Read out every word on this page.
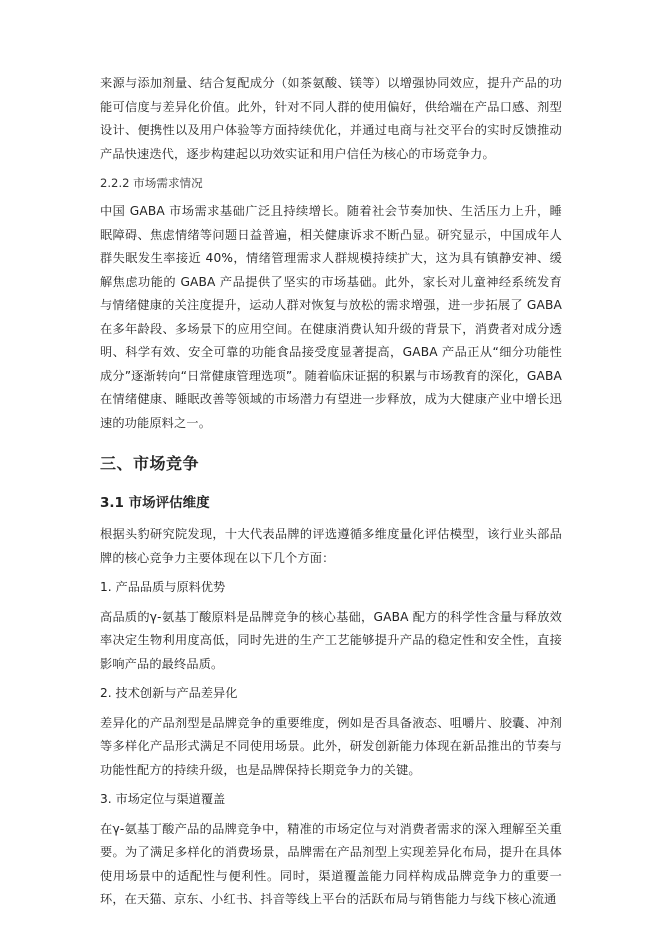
来源与添加剂量、结合复配成分（如茶氨酸、镁等）以增强协同效应，提升产品的功能可信度与差异化价值。此外，针对不同人群的使用偏好，供给端在产品口感、剂型设计、便携性以及用户体验等方面持续优化，并通过电商与社交平台的实时反馈推动产品快速迭代，逐步构建起以功效实证和用户信任为核心的市场竞争力。

2.2.2 市场需求情况

中国 GABA 市场需求基础广泛且持续增长。随着社会节奏加快、生活压力上升，睡眠障碍、焦虑情绪等问题日益普遍，相关健康诉求不断凸显。研究显示，中国成年人群失眠发生率接近 40%，情绪管理需求人群规模持续扩大，这为具有镇静安神、缓解焦虑功能的 GABA 产品提供了坚实的市场基础。此外，家长对儿童神经系统发育与情绪健康的关注度提升，运动人群对恢复与放松的需求增强，进一步拓展了 GABA 在多年龄段、多场景下的应用空间。在健康消费认知升级的背景下，消费者对成分透明、科学有效、安全可靠的功能食品接受度显著提高，GABA 产品正从“细分功能性成分”逐渐转向“日常健康管理选项”。随着临床证据的积累与市场教育的深化，GABA 在情绪健康、睡眠改善等领域的市场潜力有望进一步释放，成为大健康产业中增长迅速的功能原料之一。

三、市场竞争
3.1 市场评估维度

根据头豹研究院发现，十大代表品牌的评选遵循多维度量化评估模型，该行业头部品牌的核心竞争力主要体现在以下几个方面：

1. 产品品质与原料优势

高品质的γ-氨基丁酸原料是品牌竞争的核心基础，GABA 配方的科学性含量与释放效率决定生物利用度高低，同时先进的生产工艺能够提升产品的稳定性和安全性，直接影响产品的最终品质。

2. 技术创新与产品差异化

差异化的产品剂型是品牌竞争的重要维度，例如是否具备液态、咀嚼片、胶囊、冲剂等多样化产品形式满足不同使用场景。此外，研发创新能力体现在新品推出的节奏与功能性配方的持续升级，也是品牌保持长期竞争力的关键。

3. 市场定位与渠道覆盖

在γ-氨基丁酸产品的品牌竞争中，精准的市场定位与对消费者需求的深入理解至关重要。为了满足多样化的消费场景，品牌需在产品剂型上实现差异化布局，提升在具体使用场景中的适配性与便利性。同时，渠道覆盖能力同样构成品牌竞争力的重要一环，在天猫、京东、小红书、抖音等线上平台的活跃布局与销售能力与线下核心流通
